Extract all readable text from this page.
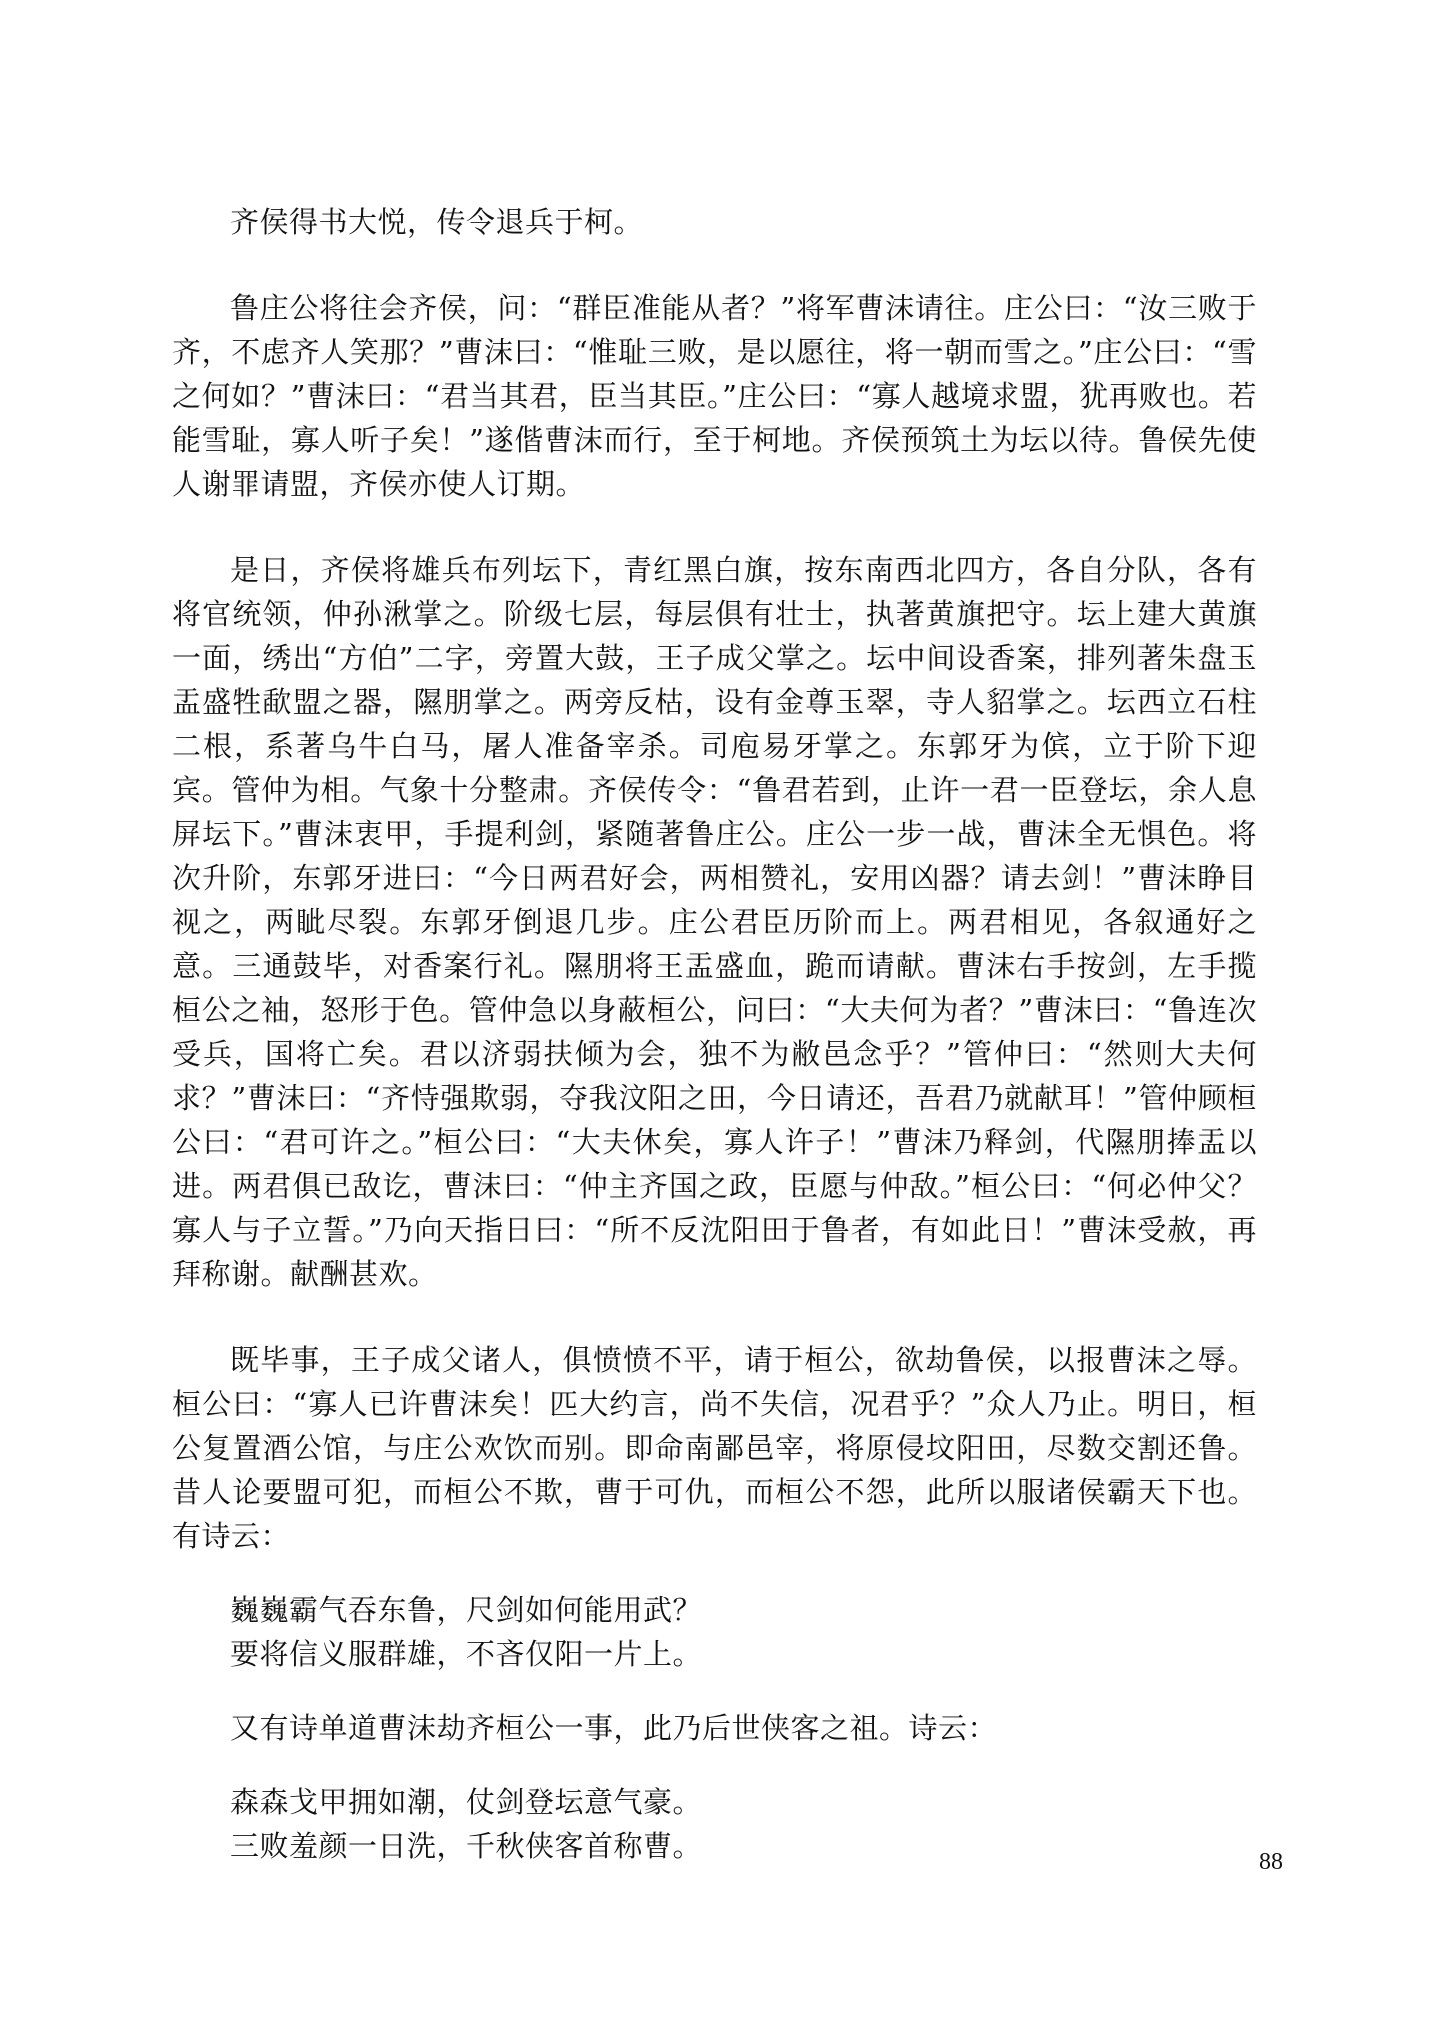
齐侯得书大悦，传令退兵于柯。

鲁庄公将往会齐侯，问：“群臣准能从者？”将军曹沫请往。庄公曰：“汝三败于齐，不虑齐人笑那？”曹沫曰：“惟耻三败，是以愿往，将一朝而雪之。”庄公曰：“雪之何如？”曹沫曰：“君当其君，臣当其臣。”庄公曰：“寡人越境求盟，犹再败也。若能雪耻，寡人听子矣！”遂偕曹沫而行，至于柯地。齐侯预筑土为坛以待。鲁侯先使人谢罪请盟，齐侯亦使人订期。

是日，齐侯将雄兵布列坛下，青红黑白旗，按东南西北四方，各自分队，各有将官统领，仲孙湫掌之。阶级七层，每层俱有壮士，执著黄旗把守。坛上建大黄旗一面，绣出“方伯”二字，旁置大鼓，王子成父掌之。坛中间设香案，排列著朱盘玉盂盛牲歃盟之器，隰朋掌之。两旁反枯，设有金尊玉翠，寺人貂掌之。坛西立石柱二根，系著乌牛白马，屠人准备宰杀。司庖易牙掌之。东郭牙为傧，立于阶下迎宾。管仲为相。气象十分整肃。齐侯传令：“鲁君若到，止许一君一臣登坛，余人息屏坛下。”曹沫衷甲，手提利剑，紧随著鲁庄公。庄公一步一战，曹沫全无惧色。将次升阶，东郭牙进曰：“今日两君好会，两相赞礼，安用凶器？请去剑！”曹沫睁目视之，两眦尽裂。东郭牙倒退几步。庄公君臣历阶而上。两君相见，各叙通好之意。三通鼓毕，对香案行礼。隰朋将王盂盛血，跪而请献。曹沫右手按剑，左手揽桓公之袖，怒形于色。管仲急以身蔽桓公，问曰：“大夫何为者？”曹沫曰：“鲁连次受兵，国将亡矣。君以济弱扶倾为会，独不为敝邑念乎？”管仲曰：“然则大夫何求？”曹沫曰：“齐恃强欺弱，夺我汶阳之田，今日请还，吾君乃就献耳！”管仲顾桓公曰：“君可许之。”桓公曰：“大夫休矣，寡人许子！”曹沫乃释剑，代隰朋捧盂以进。两君俱已敌讫，曹沫曰：“仲主齐国之政，臣愿与仲敌。”桓公曰：“何必仲父？寡人与子立誓。”乃向天指日曰：“所不反沈阳田于鲁者，有如此日！”曹沫受赦，再拜称谢。献酬甚欢。

既毕事，王子成父诸人，俱愤愤不平，请于桓公，欲劫鲁侯，以报曹沫之辱。桓公曰：“寡人已许曹沫矣！匹大约言，尚不失信，况君乎？”众人乃止。明日，桓公复置酒公馆，与庄公欢饮而别。即命南鄙邑宰，将原侵坟阳田，尽数交割还鲁。昔人论要盟可犯，而桓公不欺，曹于可仇，而桓公不怨，此所以服诸侯霸天下也。有诗云：

巍巍霸气吞东鲁，尺剑如何能用武？
要将信义服群雄，不吝仅阳一片上。

又有诗单道曹沫劫齐桓公一事，此乃后世侠客之祖。诗云：

森森戈甲拥如潮，仗剑登坛意气豪。
三败羞颜一日洗，千秋侠客首称曹。	88
